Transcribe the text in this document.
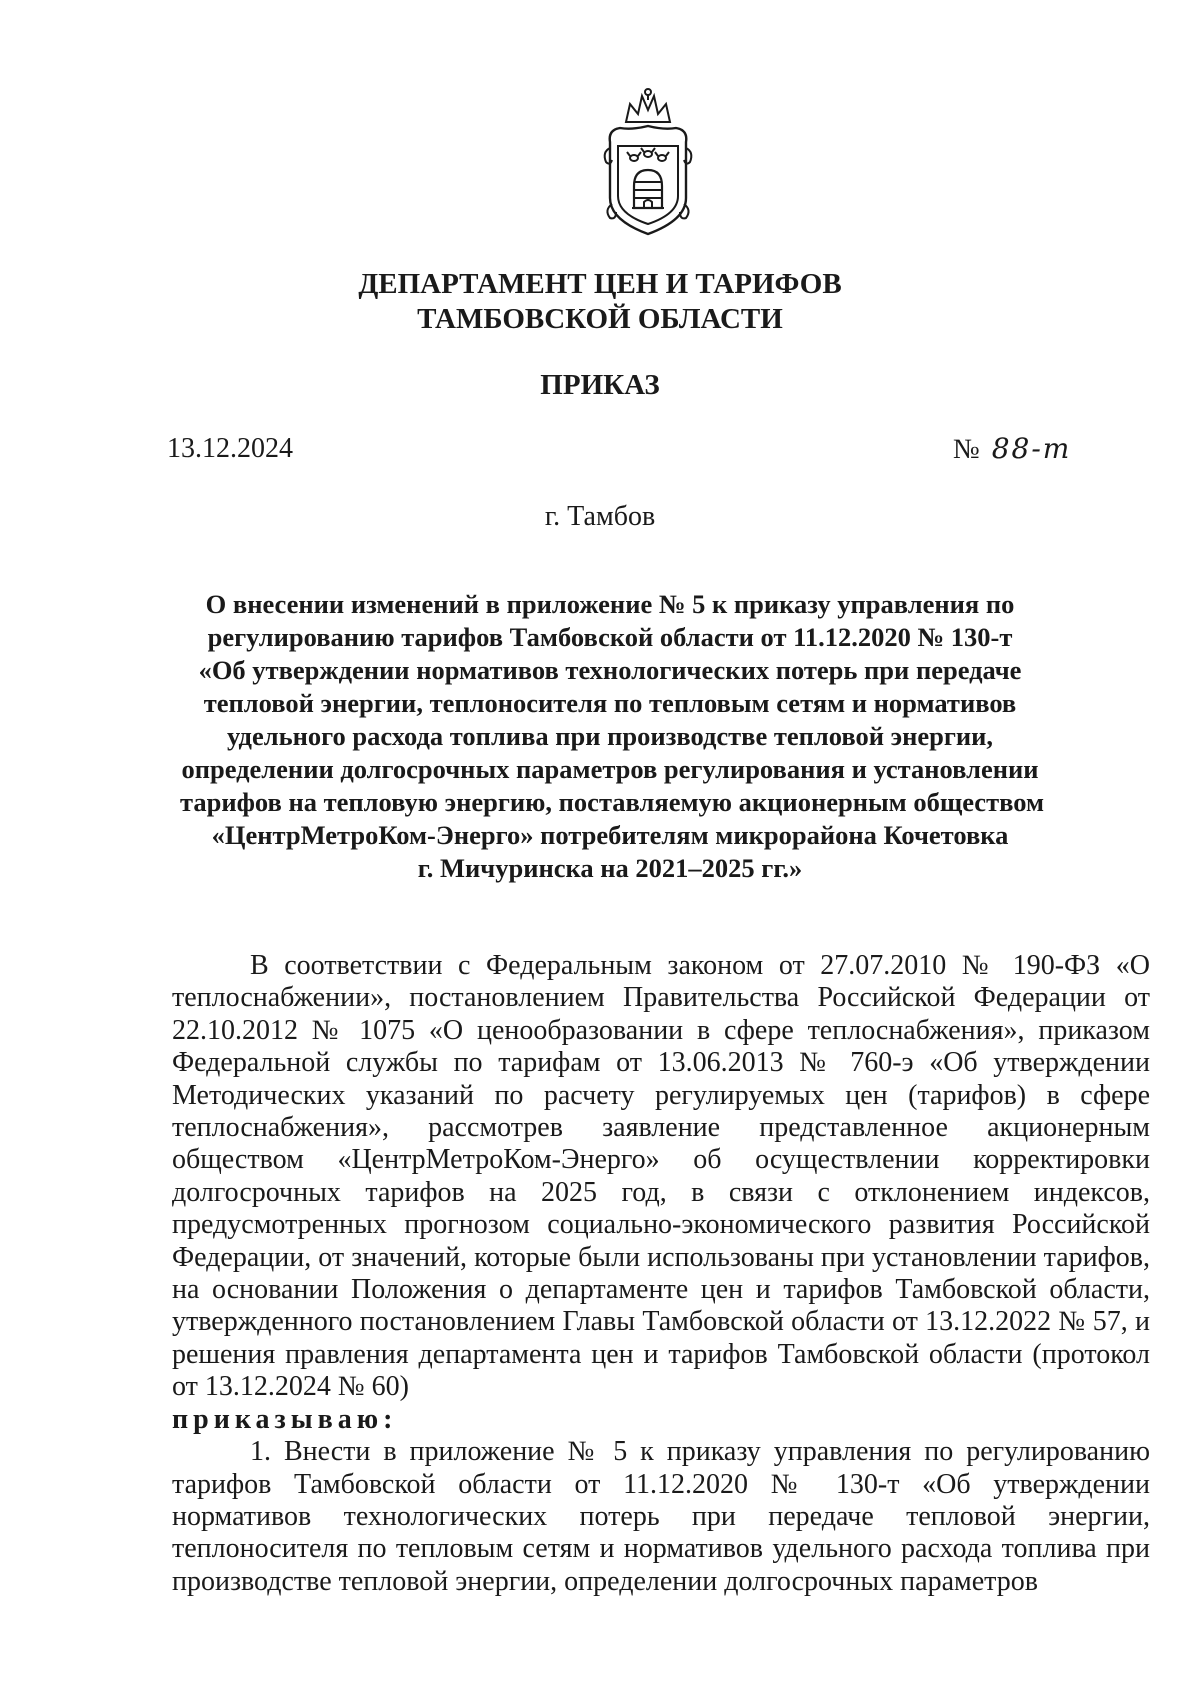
ДЕПАРТАМЕНТ ЦЕН И ТАРИФОВ
ТАМБОВСКОЙ ОБЛАСТИ
ПРИКАЗ
13.12.2024	№ 88-т
г. Тамбов
О внесении изменений в приложение № 5 к приказу управления по
регулированию тарифов Тамбовской области от 11.12.2020 № 130-т
«Об утверждении нормативов технологических потерь при передаче
тепловой энергии, теплоносителя по тепловым сетям и нормативов
удельного расхода топлива при производстве тепловой энергии,
определении долгосрочных параметров регулирования и установлении
тарифов на тепловую энергию, поставляемую акционерным обществом
«ЦентрМетроКом-Энерго» потребителям микрорайона Кочетовка
г. Мичуринска на 2021–2025 гг.»

В соответствии с Федеральным законом от 27.07.2010 № 190-ФЗ «О теплоснабжении», постановлением Правительства Российской Федерации от 22.10.2012 № 1075 «О ценообразовании в сфере теплоснабжения», приказом Федеральной службы по тарифам от 13.06.2013 № 760-э «Об утверждении Методических указаний по расчету регулируемых цен (тарифов) в сфере теплоснабжения», рассмотрев заявление представленное акционерным обществом «ЦентрМетроКом-Энерго» об осуществлении корректировки долгосрочных тарифов на 2025 год, в связи с отклонением индексов, предусмотренных прогнозом социально-экономического развития Российской Федерации, от значений, которые были использованы при установлении тарифов, на основании Положения о департаменте цен и тарифов Тамбовской области, утвержденного постановлением Главы Тамбовской области от 13.12.2022 № 57, и решения правления департамента цен и тарифов Тамбовской области (протокол от 13.12.2024 № 60)

приказываю:

1. Внести в приложение № 5 к приказу управления по регулированию тарифов Тамбовской области от 11.12.2020 № 130-т «Об утверждении нормативов технологических потерь при передаче тепловой энергии, теплоносителя по тепловым сетям и нормативов удельного расхода топлива при производстве тепловой энергии, определении долгосрочных параметров
